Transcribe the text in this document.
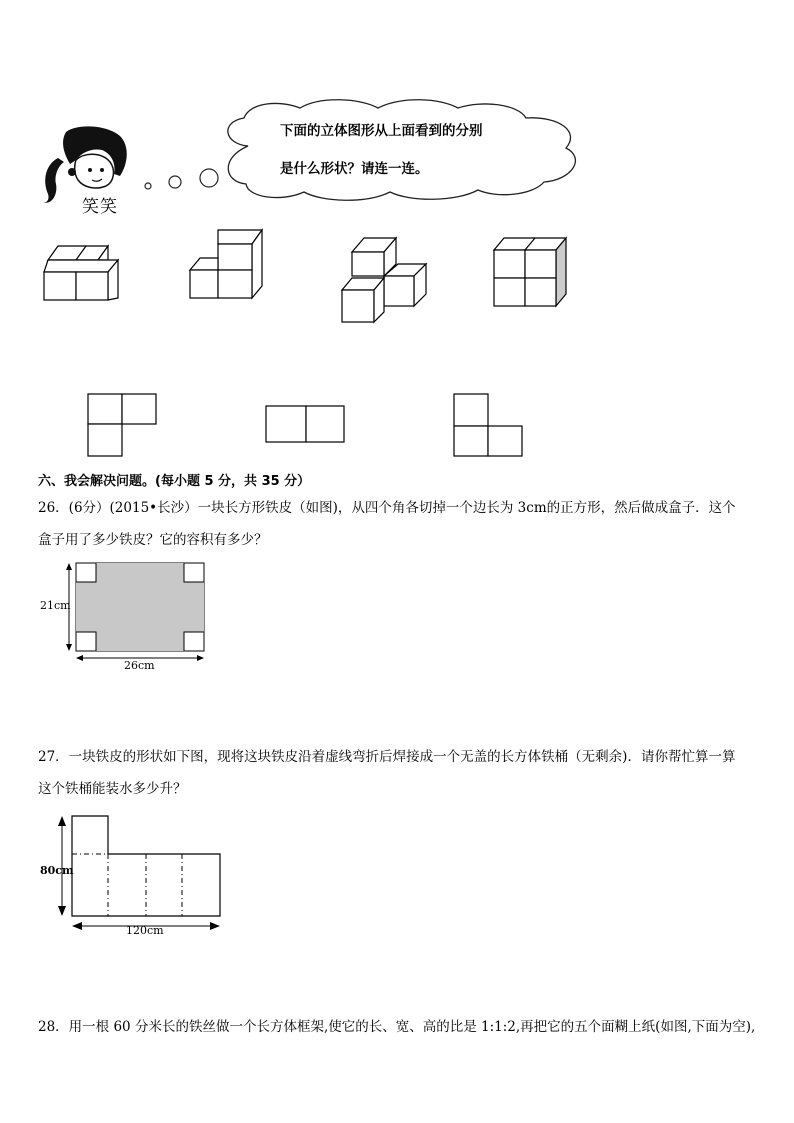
笑笑
下面的立体图形从上面看到的分别
是什么形状？请连一连。
六、我会解决问题。(每小题 5 分，共 35 分）
26．(6分）(2015•长沙）一块长方形铁皮（如图)，从四个角各切掉一个边长为 3cm的正方形，然后做成盒子．这个
盒子用了多少铁皮？它的容积有多少？
21cm
26cm
27．一块铁皮的形状如下图，现将这块铁皮沿着虚线弯折后焊接成一个无盖的长方体铁桶（无剩余)．请你帮忙算一算
这个铁桶能装水多少升？
80cm
120cm
28．用一根 60 分米长的铁丝做一个长方体框架,使它的长、宽、高的比是 1:1:2,再把它的五个面糊上纸(如图,下面为空),
